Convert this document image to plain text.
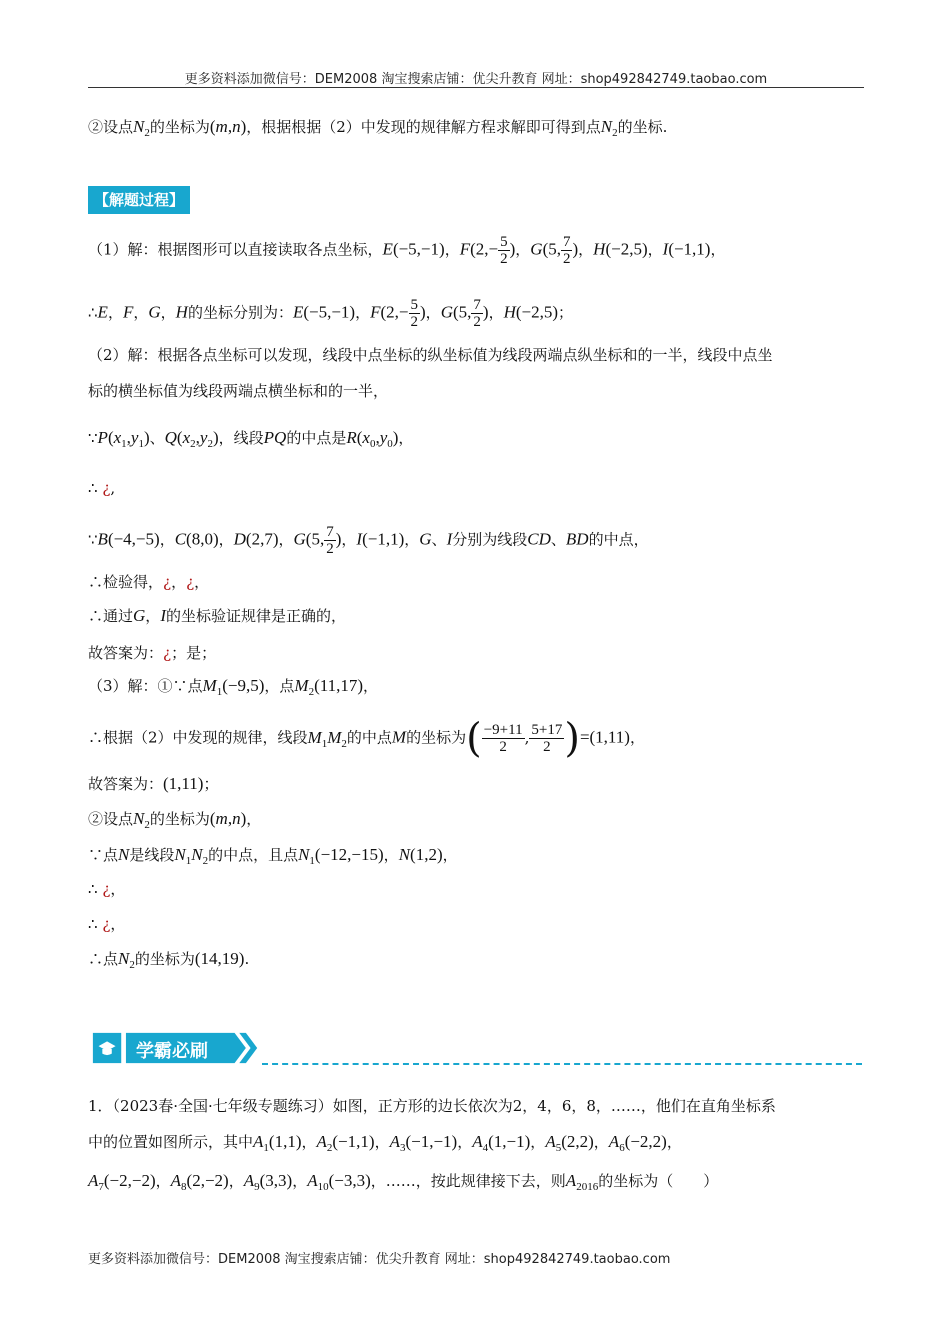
更多资料添加微信号：DEM2008 淘宝搜索店铺：优尖升教育 网址：shop492842749.taobao.com
②设点$N_2$的坐标为(m,n)，根据根据（2）中发现的规律解方程求解即可得到点$N_2$的坐标.
【解题过程】
（1）解：根据图形可以直接读取各点坐标，E(−5,−1)，$F(2,- \frac{5}{2}$ )，G(5, $\frac{7}{2}$ )，H(−2,5)，I(−1,1)，
∴E，F，G，H的坐标分别为：E(−5,−1)，$F(2,- \frac{5}{2}$ )，G(5, $\frac{7}{2}$ )，H(−2,5)；
（2）解：根据各点坐标可以发现，线段中点坐标的纵坐标值为线段两端点纵坐标和的一半，线段中点坐
标的横坐标值为线段两端点横坐标和的一半，
$\because P(x_1,y_1)$、$Q(x_2,y_2)$，线段PQ的中点是$R(x_0,y_0)$，
∴ ¿,
∵B(−4,−5)，C(8,0)，D(2,7)，G(5, $\frac{7}{2}$ )，I(−1,1)，G、I分别为线段CD、BD的中点，
∴检验得，¿，¿，
∴通过G，I的坐标验证规律是正确的，
故答案为：¿；是；
（3）解：①∵点$M_1(-9,5)$，点$M_2(11,17)$，
∴根据（2）中发现的规律，线段$M_1M_2$的中点M的坐标为( $\frac{-9+11}{2}$ , $\frac{5+17}{2} )=(1,11)$，
故答案为：(1,11)；
②设点$N_2$的坐标为(m,n)，
∵点N是线段$N_1N_2$的中点，且点$N_1(-12,-15)$，N(1,2)，
∴ ¿，
∴ ¿，
∴点$N_2$的坐标为(14,19).
学霸必刷
1．（2023春·全国·七年级专题练习）如图，正方形的边长依次为2，4，6，8，……，他们在直角坐标系
中的位置如图所示，其中$A_1(1,1)$，$A_2(-1,1)$，$A_3(-1,-1)$，$A_4(1,-1)$，$A_5(2,2)$，$A_6(-2,2)$，
$A_7(-2,-2)$，$A_8(2,-2)$，$A_9(3,3)$，$A_{10}(-3,3)$，……，按此规律接下去，则$A_{2016}$的坐标为（　　）
更多资料添加微信号：DEM2008 淘宝搜索店铺：优尖升教育 网址：shop492842749.taobao.com
